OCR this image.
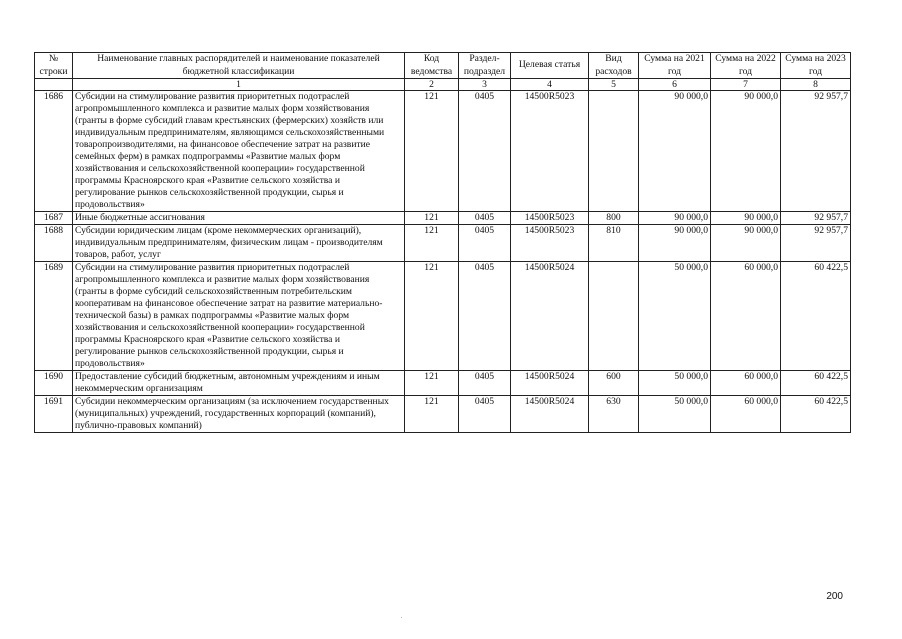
№ строки	Наименование главных распорядителей и наименование показателей бюджетной классификации	Код ведомства	Раздел-подраздел	Целевая статья	Вид расходов	Сумма на 2021 год	Сумма на 2022 год	Сумма на 2023 год
	1	2	3	4	5	6	7	8
1686	Субсидии на стимулирование развития приоритетных подотраслей агропромышленного комплекса и развитие малых форм хозяйствования (гранты в форме субсидий главам крестьянских (фермерских) хозяйств или индивидуальным предпринимателям, являющимся сельскохозяйственными товаропроизводителями, на финансовое обеспечение затрат на развитие семейных ферм) в рамках подпрограммы «Развитие малых форм хозяйствования и сельскохозяйственной кооперации» государственной программы Красноярского края «Развитие сельского хозяйства и регулирование рынков сельскохозяйственной продукции, сырья и продовольствия»	121	0405	14500R5023		90 000,0	90 000,0	92 957,7
1687	Иные бюджетные ассигнования	121	0405	14500R5023	800	90 000,0	90 000,0	92 957,7
1688	Субсидии юридическим лицам (кроме некоммерческих организаций), индивидуальным предпринимателям, физическим лицам - производителям товаров, работ, услуг	121	0405	14500R5023	810	90 000,0	90 000,0	92 957,7
1689	Субсидии на стимулирование развития приоритетных подотраслей агропромышленного комплекса и развитие малых форм хозяйствования (гранты в форме субсидий сельскохозяйственным потребительским кооперативам на финансовое обеспечение затрат на развитие материально-технической базы) в рамках подпрограммы «Развитие малых форм хозяйствования и сельскохозяйственной кооперации» государственной программы Красноярского края «Развитие сельского хозяйства и регулирование рынков сельскохозяйственной продукции, сырья и продовольствия»	121	0405	14500R5024		50 000,0	60 000,0	60 422,5
1690	Предоставление субсидий бюджетным, автономным учреждениям и иным некоммерческим организациям	121	0405	14500R5024	600	50 000,0	60 000,0	60 422,5
1691	Субсидии некоммерческим организациям (за исключением государственных (муниципальных) учреждений, государственных корпораций (компаний), публично-правовых компаний)	121	0405	14500R5024	630	50 000,0	60 000,0	60 422,5
200
